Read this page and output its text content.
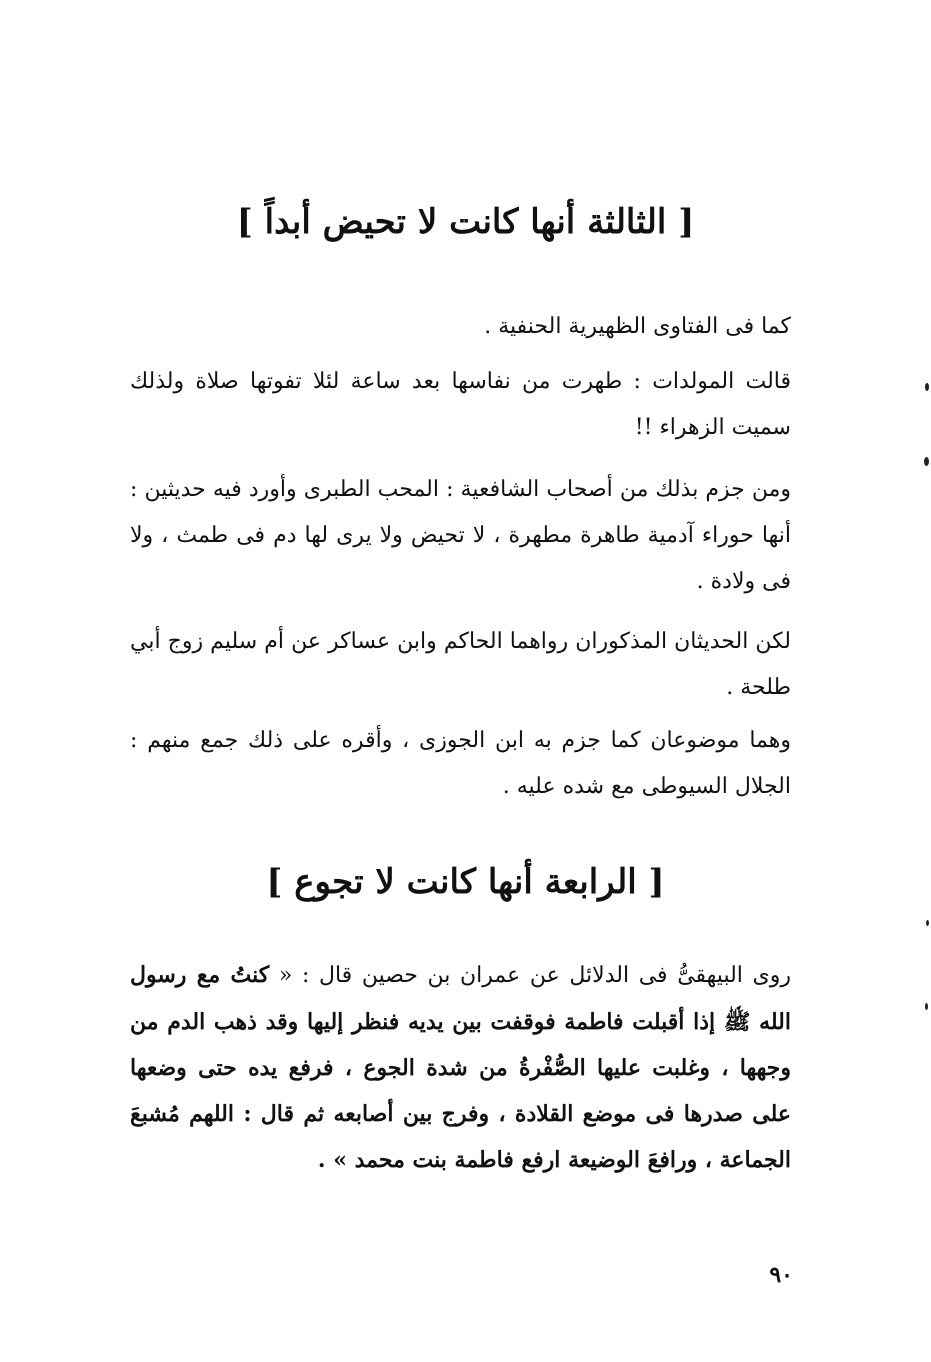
[ الثالثة أنها كانت لا تحيض أبداً ]
كما فى الفتاوى الظهيرية الحنفية .
قالت المولدات : طهرت من نفاسها بعد ساعة لئلا تفوتها صلاة ولذلك سميت الزهراء !!
ومن جزم بذلك من أصحاب الشافعية : المحب الطبرى وأورد فيه حديثين : أنها حوراء آدمية طاهرة مطهرة ، لا تحيض ولا يرى لها دم فى طمث ، ولا فى ولادة .
لكن الحديثان المذكوران رواهما الحاكم وابن عساكر عن أم سليم زوج أبي طلحة .
وهما موضوعان كما جزم به ابن الجوزى ، وأقره على ذلك جمع منهم : الجلال السيوطى مع شده عليه .
[ الرابعة أنها كانت لا تجوع ]
روى البيهقىُّ فى الدلائل عن عمران بن حصين قال : « كنتُ مع رسول الله ﷺ إذا أقبلت فاطمة فوقفت بين يديه فنظر إليها وقد ذهب الدم من وجهها ، وغلبت عليها الصُّفْرةُ من شدة الجوع ، فرفع يده حتى وضعها على صدرها فى موضع القلادة ، وفرج بين أصابعه ثم قال : اللهم مُشبعَ الجماعة ، ورافعَ الوضيعة ارفع فاطمة بنت محمد » .
٩٠
